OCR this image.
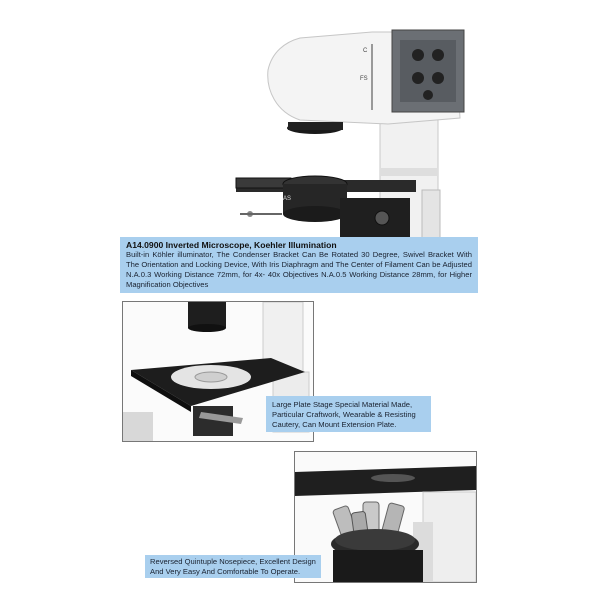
C
FS
AS
A14.0900 Inverted Microscope, Koehler Illumination
Built-in Köhler illuminator, The Condenser Bracket Can Be Rotated 30 Degree, Swivel Bracket With The Orientation and Locking Device, With Iris Diaphragm and The Center of Filament Can be Adjusted N.A.0.3 Working Distance 72mm, for 4x- 40x Objectives N.A.0.5 Working Distance 28mm, for Higher Magnification Objectives
Large Plate Stage Special Material Made, Particular Craftwork, Wearable & Resisting Cautery, Can Mount Extension Plate.
Reversed Quintuple Nosepiece, Excellent Design And Very Easy And Comfortable To Operate.
